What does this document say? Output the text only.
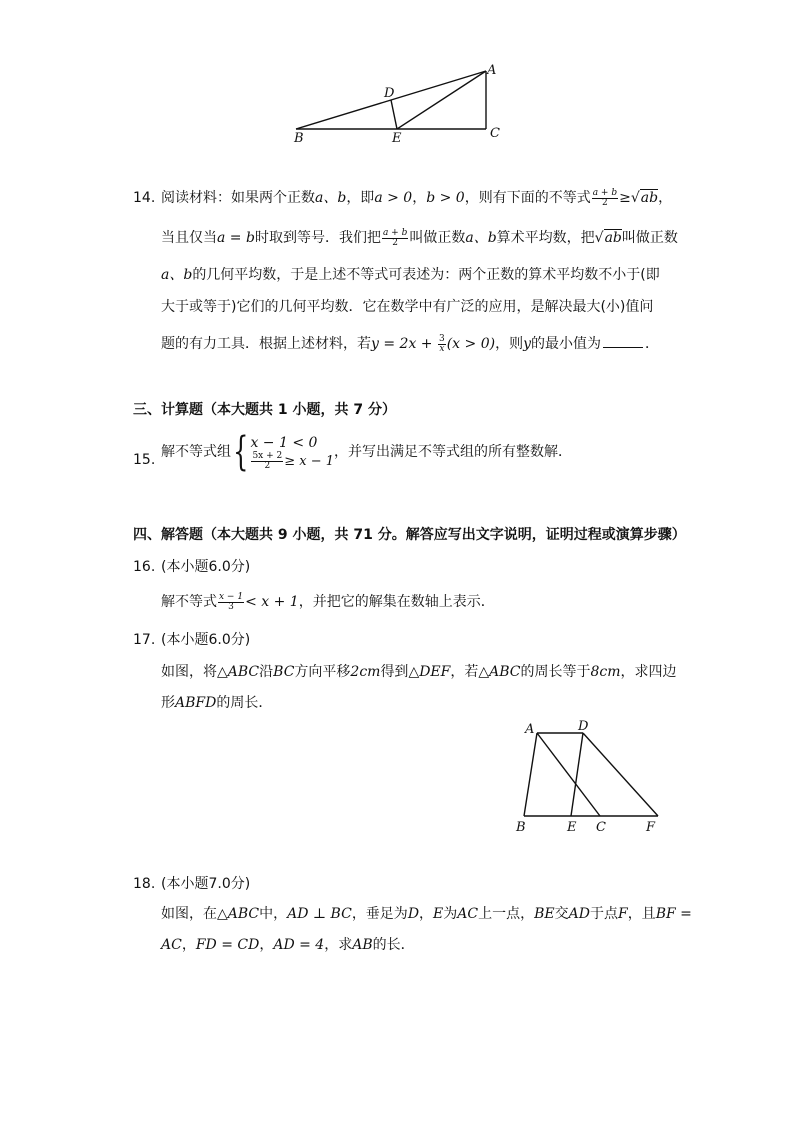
A
B	C
D
E
14. 阅读材料：如果两个正数a、b，即a > 0，b > 0，则有下面的不等式 $\frac{a + b}{2} \ge√ab$，
当且仅当a = b时取到等号．我们把 $\frac{a + b}{2}$ 叫做正数a、b算术平均数，把√ab叫做正数
a、b的几何平均数，于是上述不等式可表述为：两个正数的算术平均数不小于(即
大于或等于)它们的几何平均数．它在数学中有广泛的应用，是解决最大(小)值问
题的有力工具．根据上述材料，若$y = 2x + \frac{3}{x} (x > 0)$，则y的最小值为	．
三、计算题（本大题共 1 小题，共 7 分）
15. 解不等式组 { x − 1 < 0
$\frac{5x + 2}{2} \ge x - 1$
，并写出满足不等式组的所有整数解．
四、解答题（本大题共 9 小题，共 71 分。解答应写出文字说明，证明过程或演算步骤）
16. (本小题6.0分)
解不等式 $\frac{x - 1}{3} < x + 1$，并把它的解集在数轴上表示．
17. (本小题6.0分)
如图，将△ABC沿BC方向平移2cm得到△DEF，若△ABC的周长等于8cm，求四边
形ABFD的周长．
A	D
B	E C	F
18. (本小题7.0分)
如图，在△ABC中，AD ⊥ BC，垂足为D，E为AC上一点，BE交AD于点F，且BF =
AC，FD = CD，AD = 4，求AB的长．
